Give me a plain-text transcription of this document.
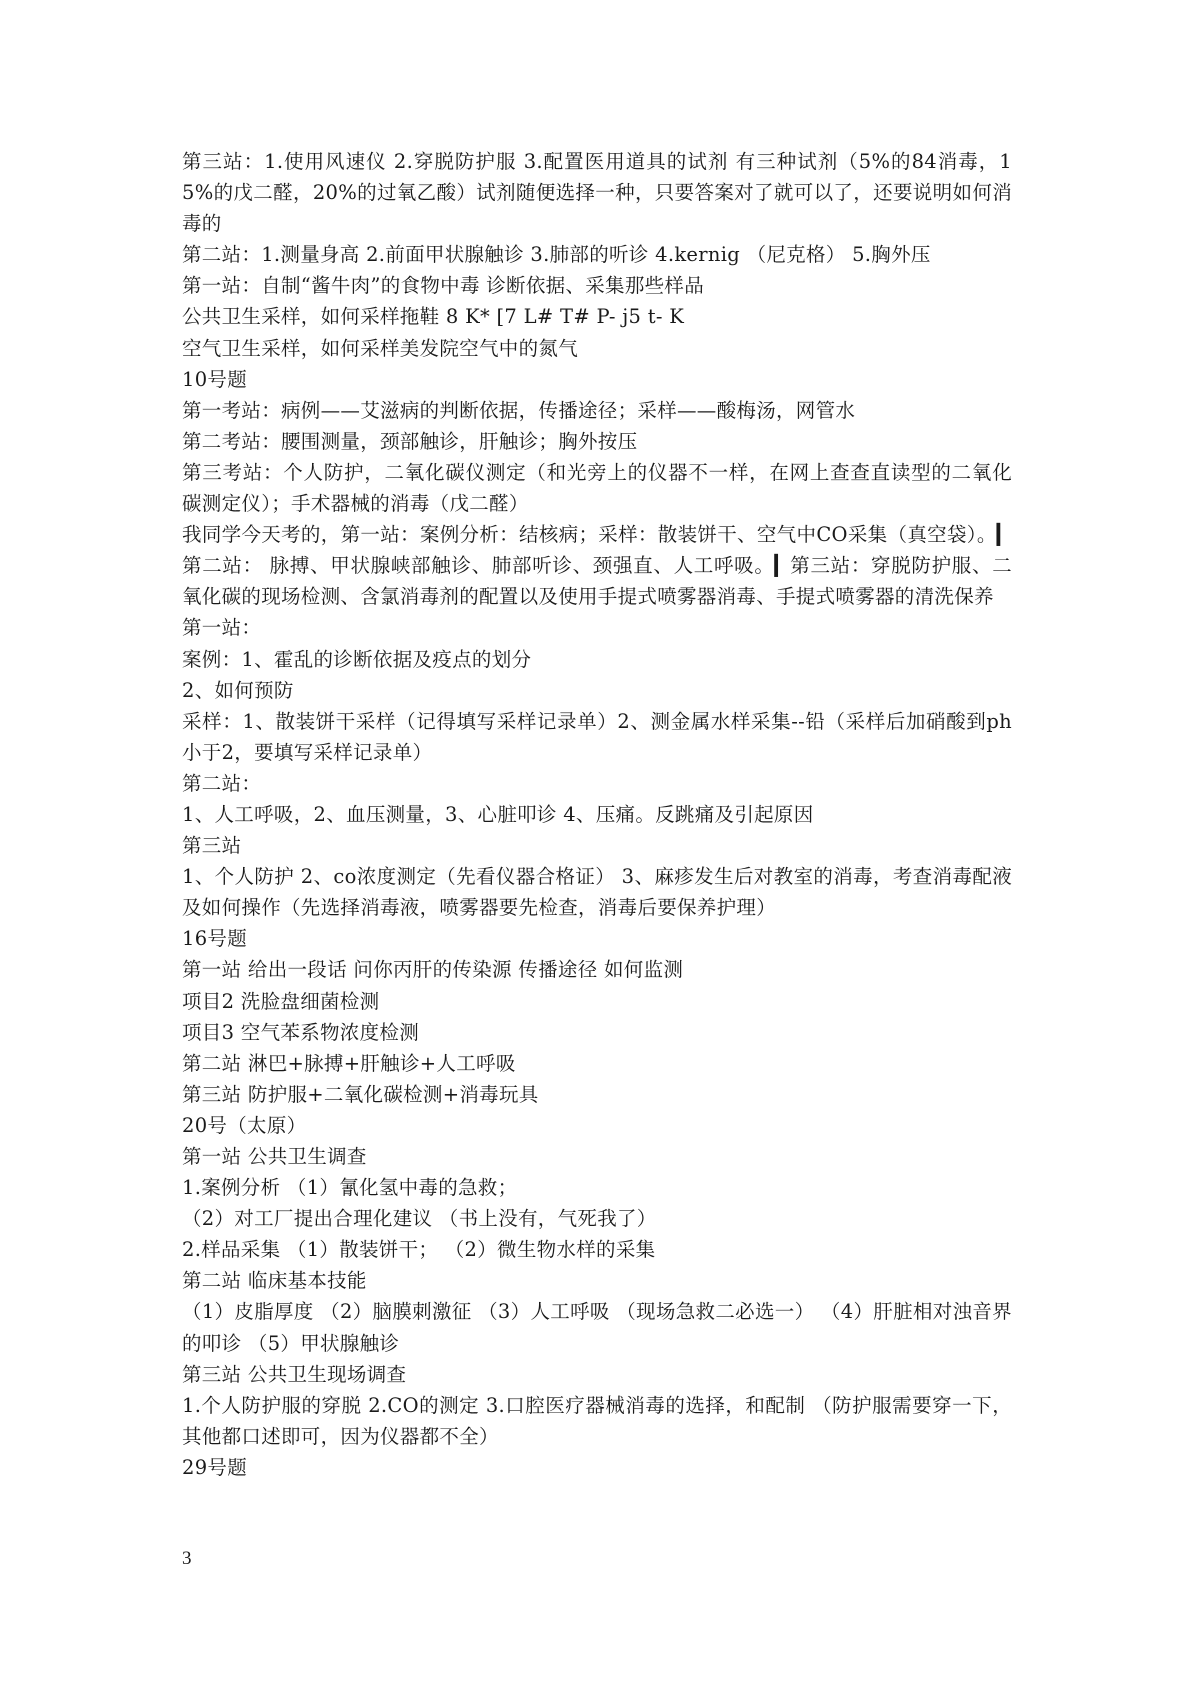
第三站：1.使用风速仪 2.穿脱防护服 3.配置医用道具的试剂 有三种试剂（5%的84消毒，15%的戊二醛，20%的过氧乙酸）试剂随便选择一种，只要答案对了就可以了，还要说明如何消毒的

第二站：1.测量身高 2.前面甲状腺触诊 3.肺部的听诊 4.kernig （尼克格） 5.胸外压

第一站：自制“酱牛肉”的食物中毒 诊断依据、采集那些样品

公共卫生采样，如何采样拖鞋 8 K* [7 L# T# P- j5 t- K

空气卫生采样，如何采样美发院空气中的氮气

10号题

第一考站：病例——艾滋病的判断依据，传播途径；采样——酸梅汤，网管水

第二考站：腰围测量，颈部触诊，肝触诊；胸外按压

第三考站：个人防护，二氧化碳仪测定（和光旁上的仪器不一样，在网上查查直读型的二氧化碳测定仪）；手术器械的消毒（戊二醛）

我同学今天考的，第一站：案例分析：结核病；采样：散装饼干、空气中CO采集（真空袋）。▎第二站： 脉搏、甲状腺峡部触诊、肺部听诊、颈强直、人工呼吸。▎第三站：穿脱防护服、二氧化碳的现场检测、含氯消毒剂的配置以及使用手提式喷雾器消毒、手提式喷雾器的清洗保养

第一站：

案例：1、霍乱的诊断依据及疫点的划分

2、如何预防

采样：1、散装饼干采样（记得填写采样记录单）2、测金属水样采集--铅（采样后加硝酸到ph小于2，要填写采样记录单）

第二站：

1、人工呼吸，2、血压测量，3、心脏叩诊 4、压痛。反跳痛及引起原因

第三站

1、个人防护 2、co浓度测定（先看仪器合格证） 3、麻疹发生后对教室的消毒，考查消毒配液及如何操作（先选择消毒液，喷雾器要先检查，消毒后要保养护理）

16号题

第一站 给出一段话 问你丙肝的传染源 传播途径 如何监测

项目2 洗脸盘细菌检测

项目3 空气苯系物浓度检测

第二站 淋巴+脉搏+肝触诊+人工呼吸

第三站 防护服+二氧化碳检测+消毒玩具

20号（太原）

第一站 公共卫生调查

1.案例分析 （1）氰化氢中毒的急救；

（2）对工厂提出合理化建议 （书上没有，气死我了）

2.样品采集 （1）散装饼干； （2）微生物水样的采集

第二站 临床基本技能

（1）皮脂厚度 （2）脑膜刺激征 （3）人工呼吸 （现场急救二必选一） （4）肝脏相对浊音界的叩诊 （5）甲状腺触诊

第三站 公共卫生现场调查

1.个人防护服的穿脱 2.CO的测定 3.口腔医疗器械消毒的选择，和配制 （防护服需要穿一下，其他都口述即可，因为仪器都不全）

29号题

3
